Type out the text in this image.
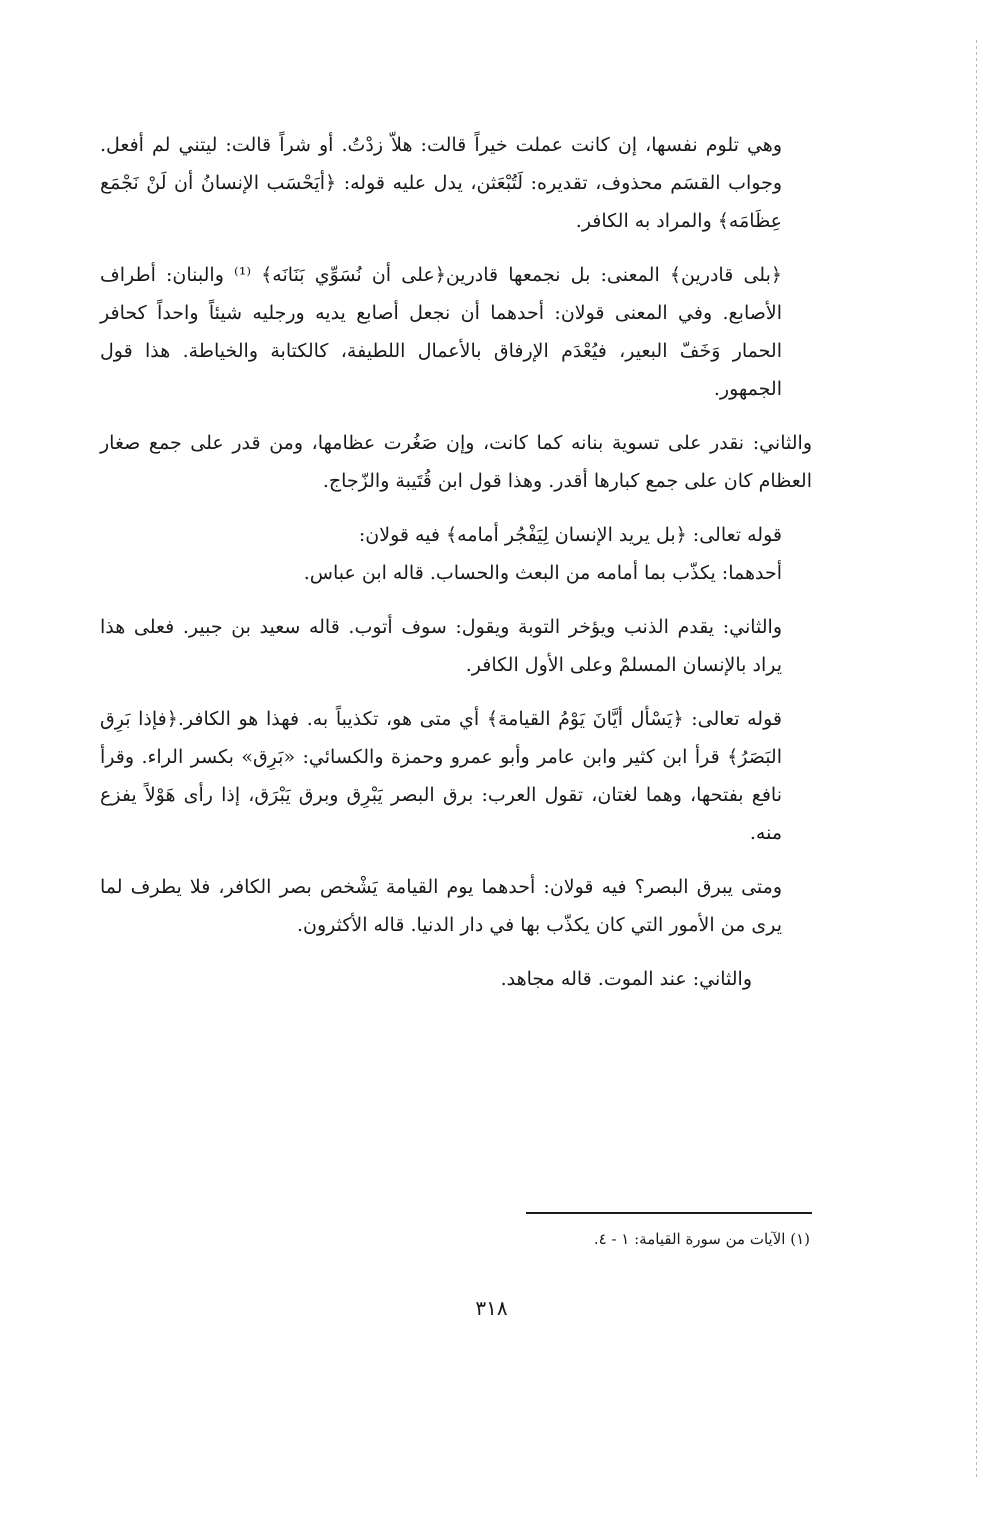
وهي تلوم نفسها، إن كانت عملت خيراً قالت: هلاّ زدْتُ. أو شراً قالت: ليتني لم أفعل. وجواب القسَم محذوف، تقديره: لَتُبْعَثن، يدل عليه قوله: ﴿أيَحْسَب الإنسانُ أن لَنْ نَجْمَع عِظَامَه﴾ والمراد به الكافر.

﴿بلى قادرين﴾ المعنى: بل نجمعها قادرين﴿على أن نُسَوِّي بَنَانَه﴾ ⁽¹⁾ والبنان: أطراف الأصابع. وفي المعنى قولان: أحدهما أن نجعل أصابع يديه ورجليه شيئاً واحداً كحافر الحمار وَخَفّ البعير، فيُعْدَم الإرفاق بالأعمال اللطيفة، كالكتابة والخياطة. هذا قول الجمهور.

والثاني: نقدر على تسوية بنانه كما كانت، وإن صَغُرت عظامها، ومن قدر على جمع صغار العظام كان على جمع كبارها أقدر. وهذا قول ابن قُتَيبة والزّجاج.

قوله تعالى: ﴿بل يريد الإنسان لِيَفْجُر أمامه﴾ فيه قولان:

أحدهما: يكذّب بما أمامه من البعث والحساب. قاله ابن عباس.

والثاني: يقدم الذنب ويؤخر التوبة ويقول: سوف أتوب. قاله سعيد بن جبير. فعلى هذا يراد بالإنسان المسلمْ وعلى الأول الكافر.

قوله تعالى: ﴿يَسْأل أيَّانَ يَوْمُ القيامة﴾ أي متى هو، تكذيباً به. فهذا هو الكافر.﴿فإذا بَرِق البَصَرُ﴾ قرأ ابن كثير وابن عامر وأبو عمرو وحمزة والكسائي: «بَرِق» بكسر الراء. وقرأ نافع بفتحها، وهما لغتان، تقول العرب: برق البصر يَبْرِق وبرق يَبْرَق، إذا رأى هَوْلاً يفزع منه.

ومتى يبرق البصر؟ فيه قولان: أحدهما يوم القيامة يَشْخص بصر الكافر، فلا يطرف لما يرى من الأمور التي كان يكذّب بها في دار الدنيا. قاله الأكثرون.

والثاني: عند الموت. قاله مجاهد.

(١) الآيات من سورة القيامة: ١ - ٤.
٣١٨
